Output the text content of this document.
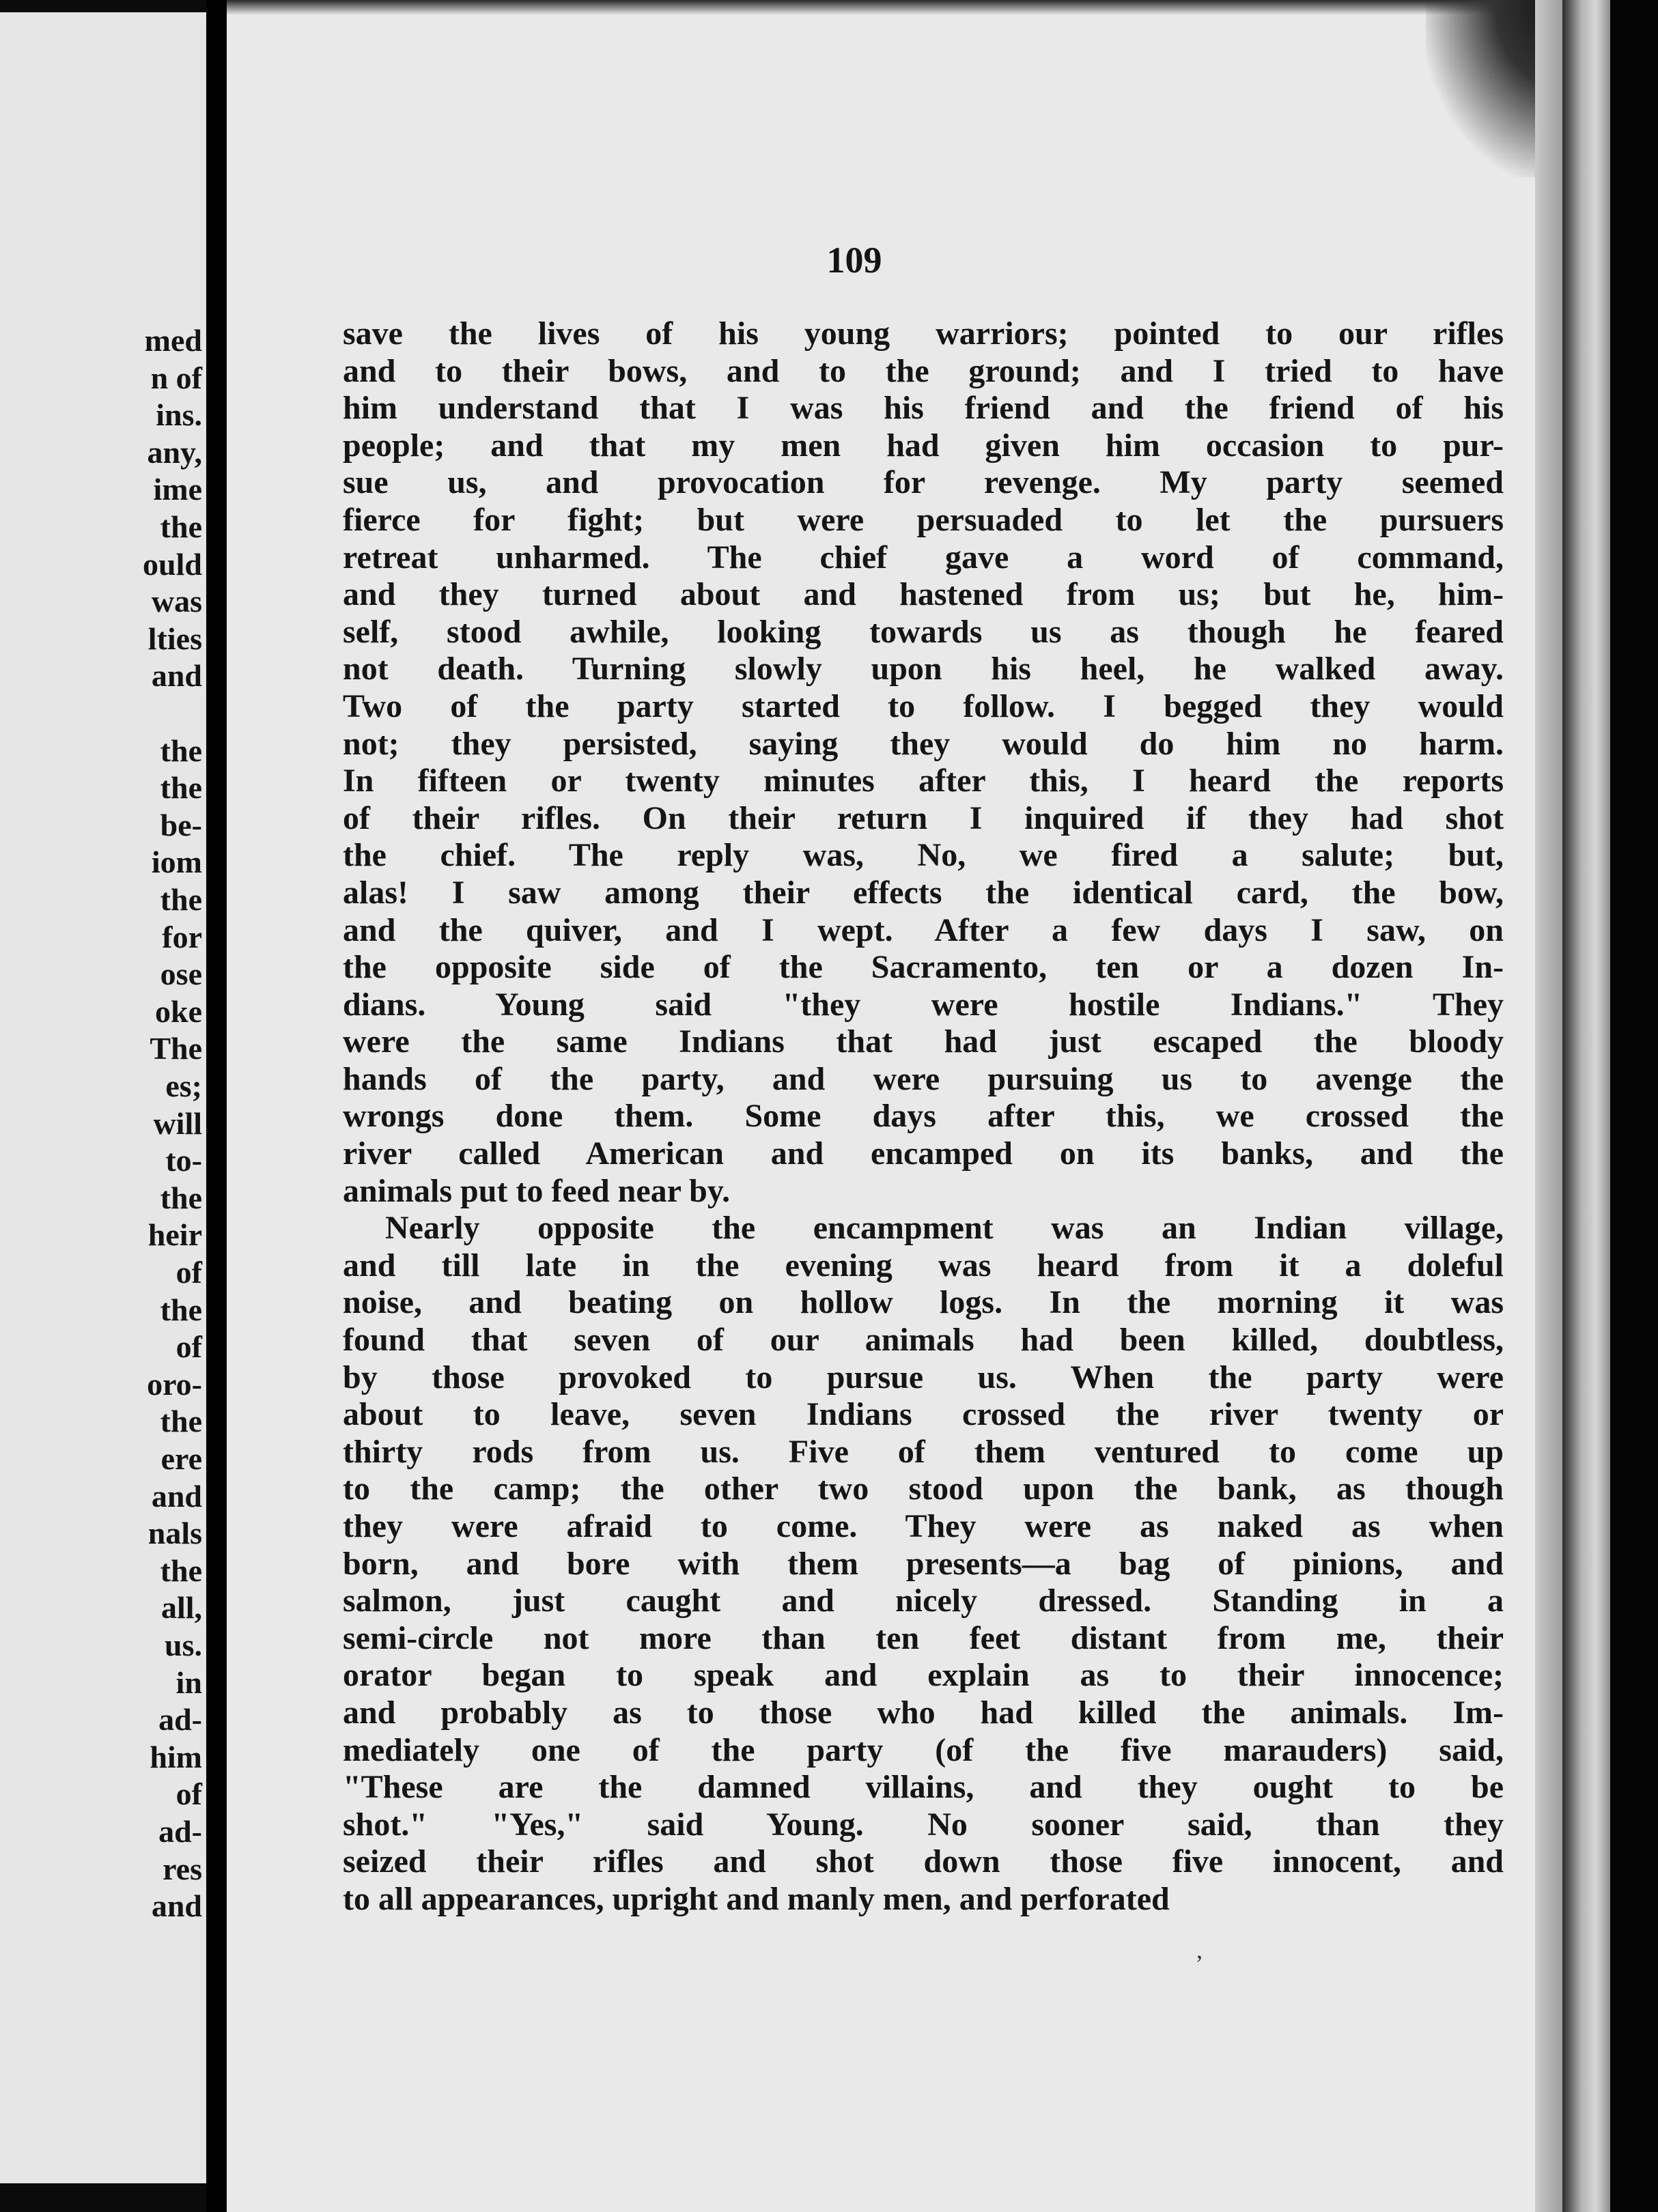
med
n of
ins.
any,
ime
the
ould
was
lties
and
the
the
be-
iom
the
for
ose
oke
The
es;
will
to-
the
heir
of
the
of
oro-
the
ere
and
nals
the
all,
us.
in
ad-
him
of
ad-
res
and
109
save the lives of his young warriors; pointed to our rifles
and to their bows, and to the ground; and I tried to have
him understand that I was his friend and the friend of his
people; and that my men had given him occasion to pur-
sue us, and provocation for revenge. My party seemed
fierce for fight; but were persuaded to let the pursuers
retreat unharmed. The chief gave a word of command,
and they turned about and hastened from us; but he, him-
self, stood awhile, looking towards us as though he feared
not death. Turning slowly upon his heel, he walked away.
Two of the party started to follow. I begged they would
not; they persisted, saying they would do him no harm.
In fifteen or twenty minutes after this, I heard the reports
of their rifles. On their return I inquired if they had shot
the chief. The reply was, No, we fired a salute; but,
alas! I saw among their effects the identical card, the bow,
and the quiver, and I wept. After a few days I saw, on
the opposite side of the Sacramento, ten or a dozen In-
dians. Young said "they were hostile Indians." They
were the same Indians that had just escaped the bloody
hands of the party, and were pursuing us to avenge the
wrongs done them. Some days after this, we crossed the
river called American and encamped on its banks, and the
animals put to feed near by.
Nearly opposite the encampment was an Indian village,
and till late in the evening was heard from it a doleful
noise, and beating on hollow logs. In the morning it was
found that seven of our animals had been killed, doubtless,
by those provoked to pursue us. When the party were
about to leave, seven Indians crossed the river twenty or
thirty rods from us. Five of them ventured to come up
to the camp; the other two stood upon the bank, as though
they were afraid to come. They were as naked as when
born, and bore with them presents—a bag of pinions, and
salmon, just caught and nicely dressed. Standing in a
semi-circle not more than ten feet distant from me, their
orator began to speak and explain as to their innocence;
and probably as to those who had killed the animals. Im-
mediately one of the party (of the five marauders) said,
"These are the damned villains, and they ought to be
shot." "Yes," said Young. No sooner said, than they
seized their rifles and shot down those five innocent, and
to all appearances, upright and manly men, and perforated
,
